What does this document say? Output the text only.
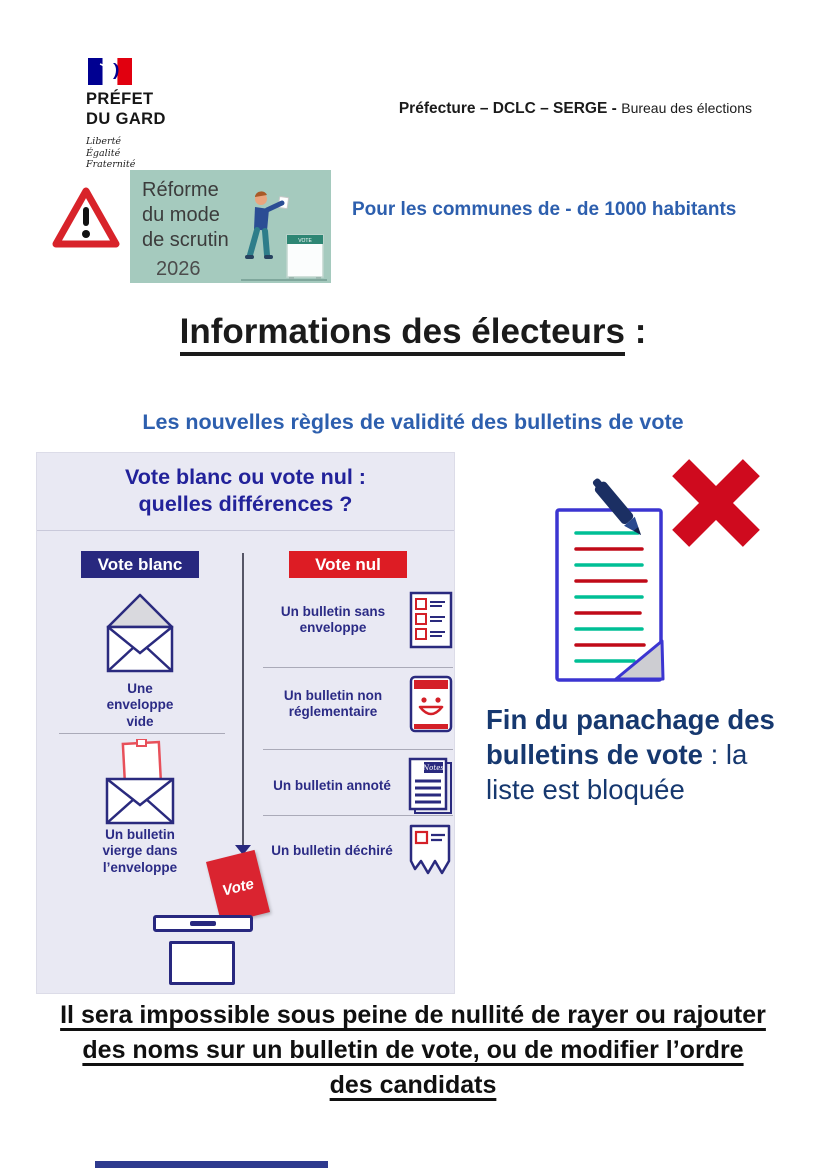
PRÉFET
DU GARD
Liberté
Égalité
Fraternité
Préfecture – DCLC – SERGE - Bureau des élections
Réforme
du mode
de scrutin
2026
VOTE
Pour les communes de - de 1000 habitants
Informations des électeurs :
Les nouvelles règles de validité des bulletins de vote
Vote blanc ou vote nul :
quelles différences ?
Vote blanc	Vote nul
Une enveloppe vide
Un bulletin vierge dans l’enveloppe
Un bulletin sans enveloppe
Un bulletin non réglementaire
Un bulletin annoté
Notes
Un bulletin déchiré
Vote
Fin du panachage des bulletins de vote : la liste est bloquée
Il sera impossible sous peine de nullité de rayer ou rajouter des noms sur un bulletin de vote, ou de modifier l’ordre des candidats
